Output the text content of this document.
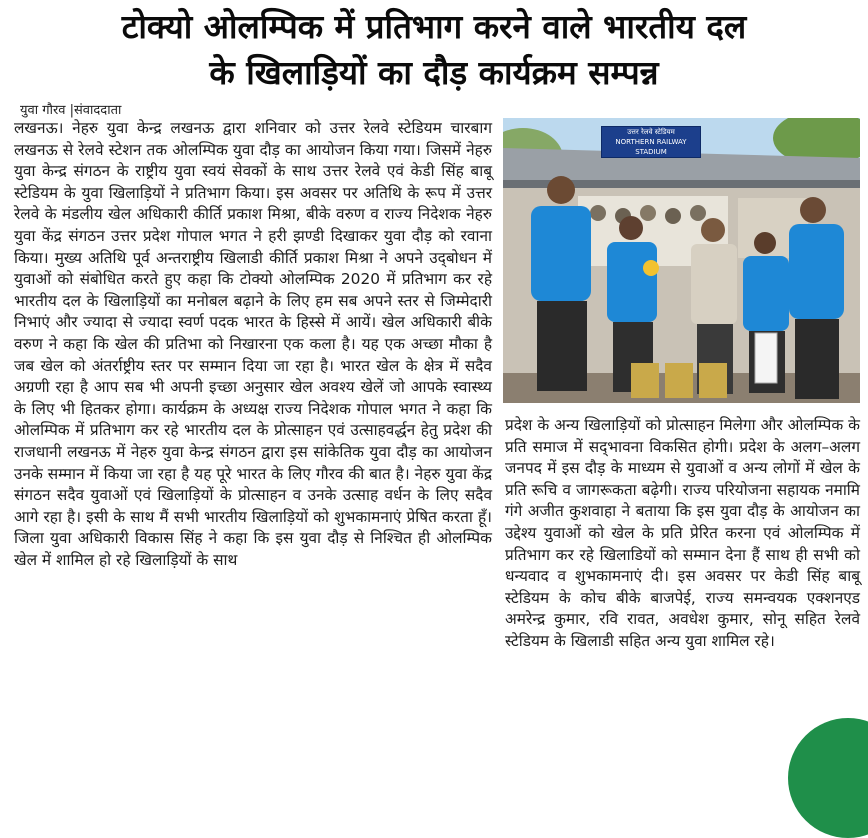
टोक्यो ओलम्पिक में प्रतिभाग करने वाले भारतीय दल
के खिलाड़ियों का दौड़ कार्यक्रम सम्पन्न
युवा गौरव |संवाददाता

लखनऊ। नेहरु युवा केन्द्र लखनऊ द्वारा शनिवार को उत्तर रेलवे स्टेडियम चारबाग लखनऊ से रेलवे स्टेशन तक ओलम्पिक युवा दौड़ का आयोजन किया गया। जिसमें नेहरु युवा केन्द्र संगठन के राष्ट्रीय युवा स्वयं सेवकों के साथ उत्तर रेलवे एवं केडी सिंह बाबू स्टेडियम के युवा खिलाड़ियों ने प्रतिभाग किया। इस अवसर पर अतिथि के रूप में उत्तर रेलवे के मंडलीय खेल अधिकारी कीर्ति प्रकाश मिश्रा, बीके वरुण व राज्य निदेशक नेहरु युवा केंद्र संगठन उत्तर प्रदेश गोपाल भगत ने हरी झण्डी दिखाकर युवा दौड़ को रवाना किया। मुख्य अतिथि पूर्व अन्तराष्ट्रीय खिलाडी कीर्ति प्रकाश मिश्रा ने अपने उद्‌बोधन में युवाओं को संबोधित करते हुए कहा कि टोक्यो ओलम्पिक 2020 में प्रतिभाग कर रहे भारतीय दल के खिलाड़ियों का मनोबल बढ़ाने के लिए हम सब अपने स्तर से जिम्मेदारी निभाएं और ज्यादा से ज्यादा स्वर्ण पदक भारत के हिस्से में आयें। खेल अधिकारी बीके वरुण ने कहा कि खेल की प्रतिभा को निखारना एक कला है। यह एक अच्छा मौका है जब खेल को अंतर्राष्ट्रीय स्तर पर सम्मान दिया जा रहा है। भारत खेल के क्षेत्र में सदैव अग्रणी रहा है आप सब भी अपनी इच्छा अनुसार खेल अवश्य खेलें जो आपके स्वास्थ्य के लिए भी हितकर होगा। कार्यक्रम के अध्यक्ष राज्य निदेशक गोपाल भगत ने कहा कि ओलम्पिक में प्रतिभाग कर रहे भारतीय दल के प्रोत्साहन एवं उत्साहवर्द्धन हेतु प्रदेश की राजधानी लखनऊ में नेहरु युवा केन्द्र संगठन द्वारा इस सांकेतिक युवा दौड़ का आयोजन उनके सम्मान में किया जा रहा है यह पूरे भारत के लिए गौरव की बात है। नेहरु युवा केंद्र संगठन सदैव युवाओं एवं खिलाड़ियों के प्रोत्साहन व उनके उत्साह वर्धन के लिए सदैव आगे रहा है। इसी के साथ मैं सभी भारतीय खिलाड़ियों को शुभकामनाएं प्रेषित करता हूँ। जिला युवा अधिकारी विकास सिंह ने कहा कि इस युवा दौड़ से निश्चित ही ओलम्पिक खेल में शामिल हो रहे खिलाड़ियों के साथ

उत्तर रेलवे स्टेडियम
NORTHERN RAILWAY STADIUM

प्रदेश के अन्य खिलाड़ियों को प्रोत्साहन मिलेगा और ओलम्पिक के प्रति समाज में सद्‌भावना विकसित होगी। प्रदेश के अलग–अलग जनपद में इस दौड़ के माध्यम से युवाओं व अन्य लोगों में खेल के प्रति रूचि व जागरूकता बढ़ेगी। राज्य परियोजना सहायक नमामि गंगे अजीत कुशवाहा ने बताया कि इस युवा दौड़ के आयोजन का उद्देश्य युवाओं को खेल के प्रति प्रेरित करना एवं ओलम्पिक में प्रतिभाग कर रहे खिलाडियों को सम्मान देना हैं साथ ही सभी को धन्यवाद व शुभकामनाएं दी। इस अवसर पर केडी सिंह बाबू स्टेडियम के कोच बीके बाजपेई, राज्य समन्वयक एक्शनएड अमरेन्द्र कुमार, रवि रावत, अवधेश कुमार, सोनू सहित रेलवे स्टेडियम के खिलाडी सहित अन्य युवा शामिल रहे।
